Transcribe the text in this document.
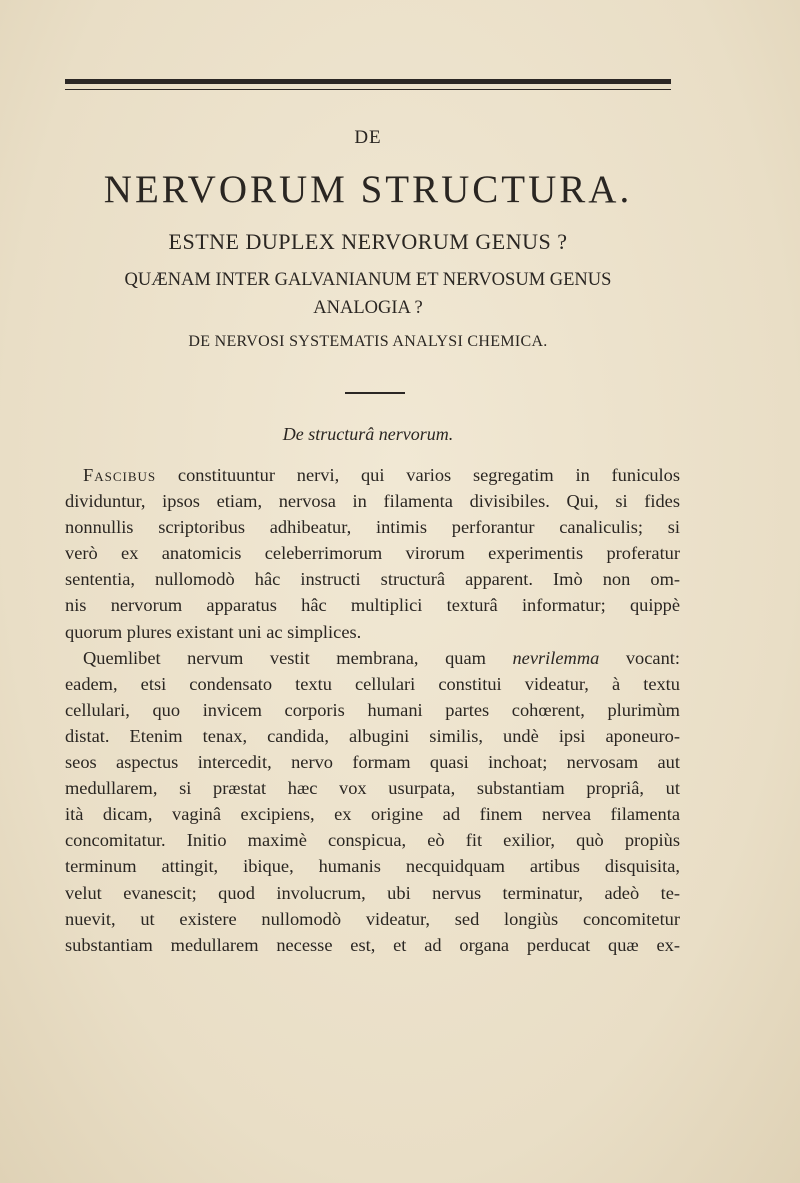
DE
NERVORUM STRUCTURA.
ESTNE DUPLEX NERVORUM GENUS ?
QUÆNAM INTER GALVANIANUM ET NERVOSUM GENUS
ANALOGIA ?
DE NERVOSI SYSTEMATIS ANALYSI CHEMICA.
De structurâ nervorum.
Fascibus constituuntur nervi, qui varios segregatim in funiculos
dividuntur, ipsos etiam, nervosa in filamenta divisibiles. Qui, si fides
nonnullis scriptoribus adhibeatur, intimis perforantur canaliculis; si
verò ex anatomicis celeberrimorum virorum experimentis proferatur
sententia, nullomodò hâc instructi structurâ apparent. Imò non om-
nis nervorum apparatus hâc multiplici texturâ informatur; quippè
quorum plures existant uni ac simplices.
Quemlibet nervum vestit membrana, quam nevrilemma vocant:
eadem, etsi condensato textu cellulari constitui videatur, à textu
cellulari, quo invicem corporis humani partes cohœrent, plurimùm
distat. Etenim tenax, candida, albugini similis, undè ipsi aponeuro-
seos aspectus intercedit, nervo formam quasi inchoat; nervosam aut
medullarem, si præstat hæc vox usurpata, substantiam propriâ, ut
ità dicam, vaginâ excipiens, ex origine ad finem nervea filamenta
concomitatur. Initio maximè conspicua, eò fit exilior, quò propiùs
terminum attingit, ibique, humanis necquidquam artibus disquisita,
velut evanescit; quod involucrum, ubi nervus terminatur, adeò te-
nuevit, ut existere nullomodò videatur, sed longiùs concomitetur
substantiam medullarem necesse est, et ad organa perducat quæ ex-
